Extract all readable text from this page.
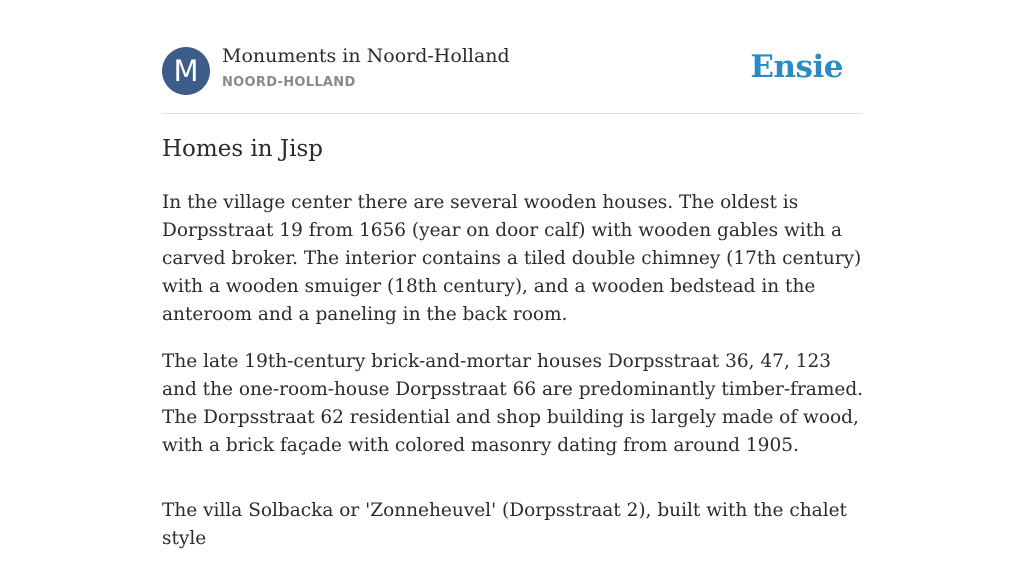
M	Monuments in Noord-Holland
NOORD-HOLLAND	Ensie
Homes in Jisp

In the village center there are several wooden houses. The oldest is Dorpsstraat 19 from 1656 (year on door calf) with wooden gables with a carved broker. The interior contains a tiled double chimney (17th century) with a wooden smuiger (18th century), and a wooden bedstead in the anteroom and a paneling in the back room.

The late 19th-century brick-and-mortar houses Dorpsstraat 36, 47, 123 and the one-room-house Dorpsstraat 66 are predominantly timber-framed. The Dorpsstraat 62 residential and shop building is largely made of wood, with a brick façade with colored masonry dating from around 1905.

The villa Solbacka or 'Zonneheuvel' (Dorpsstraat 2), built with the chalet style
